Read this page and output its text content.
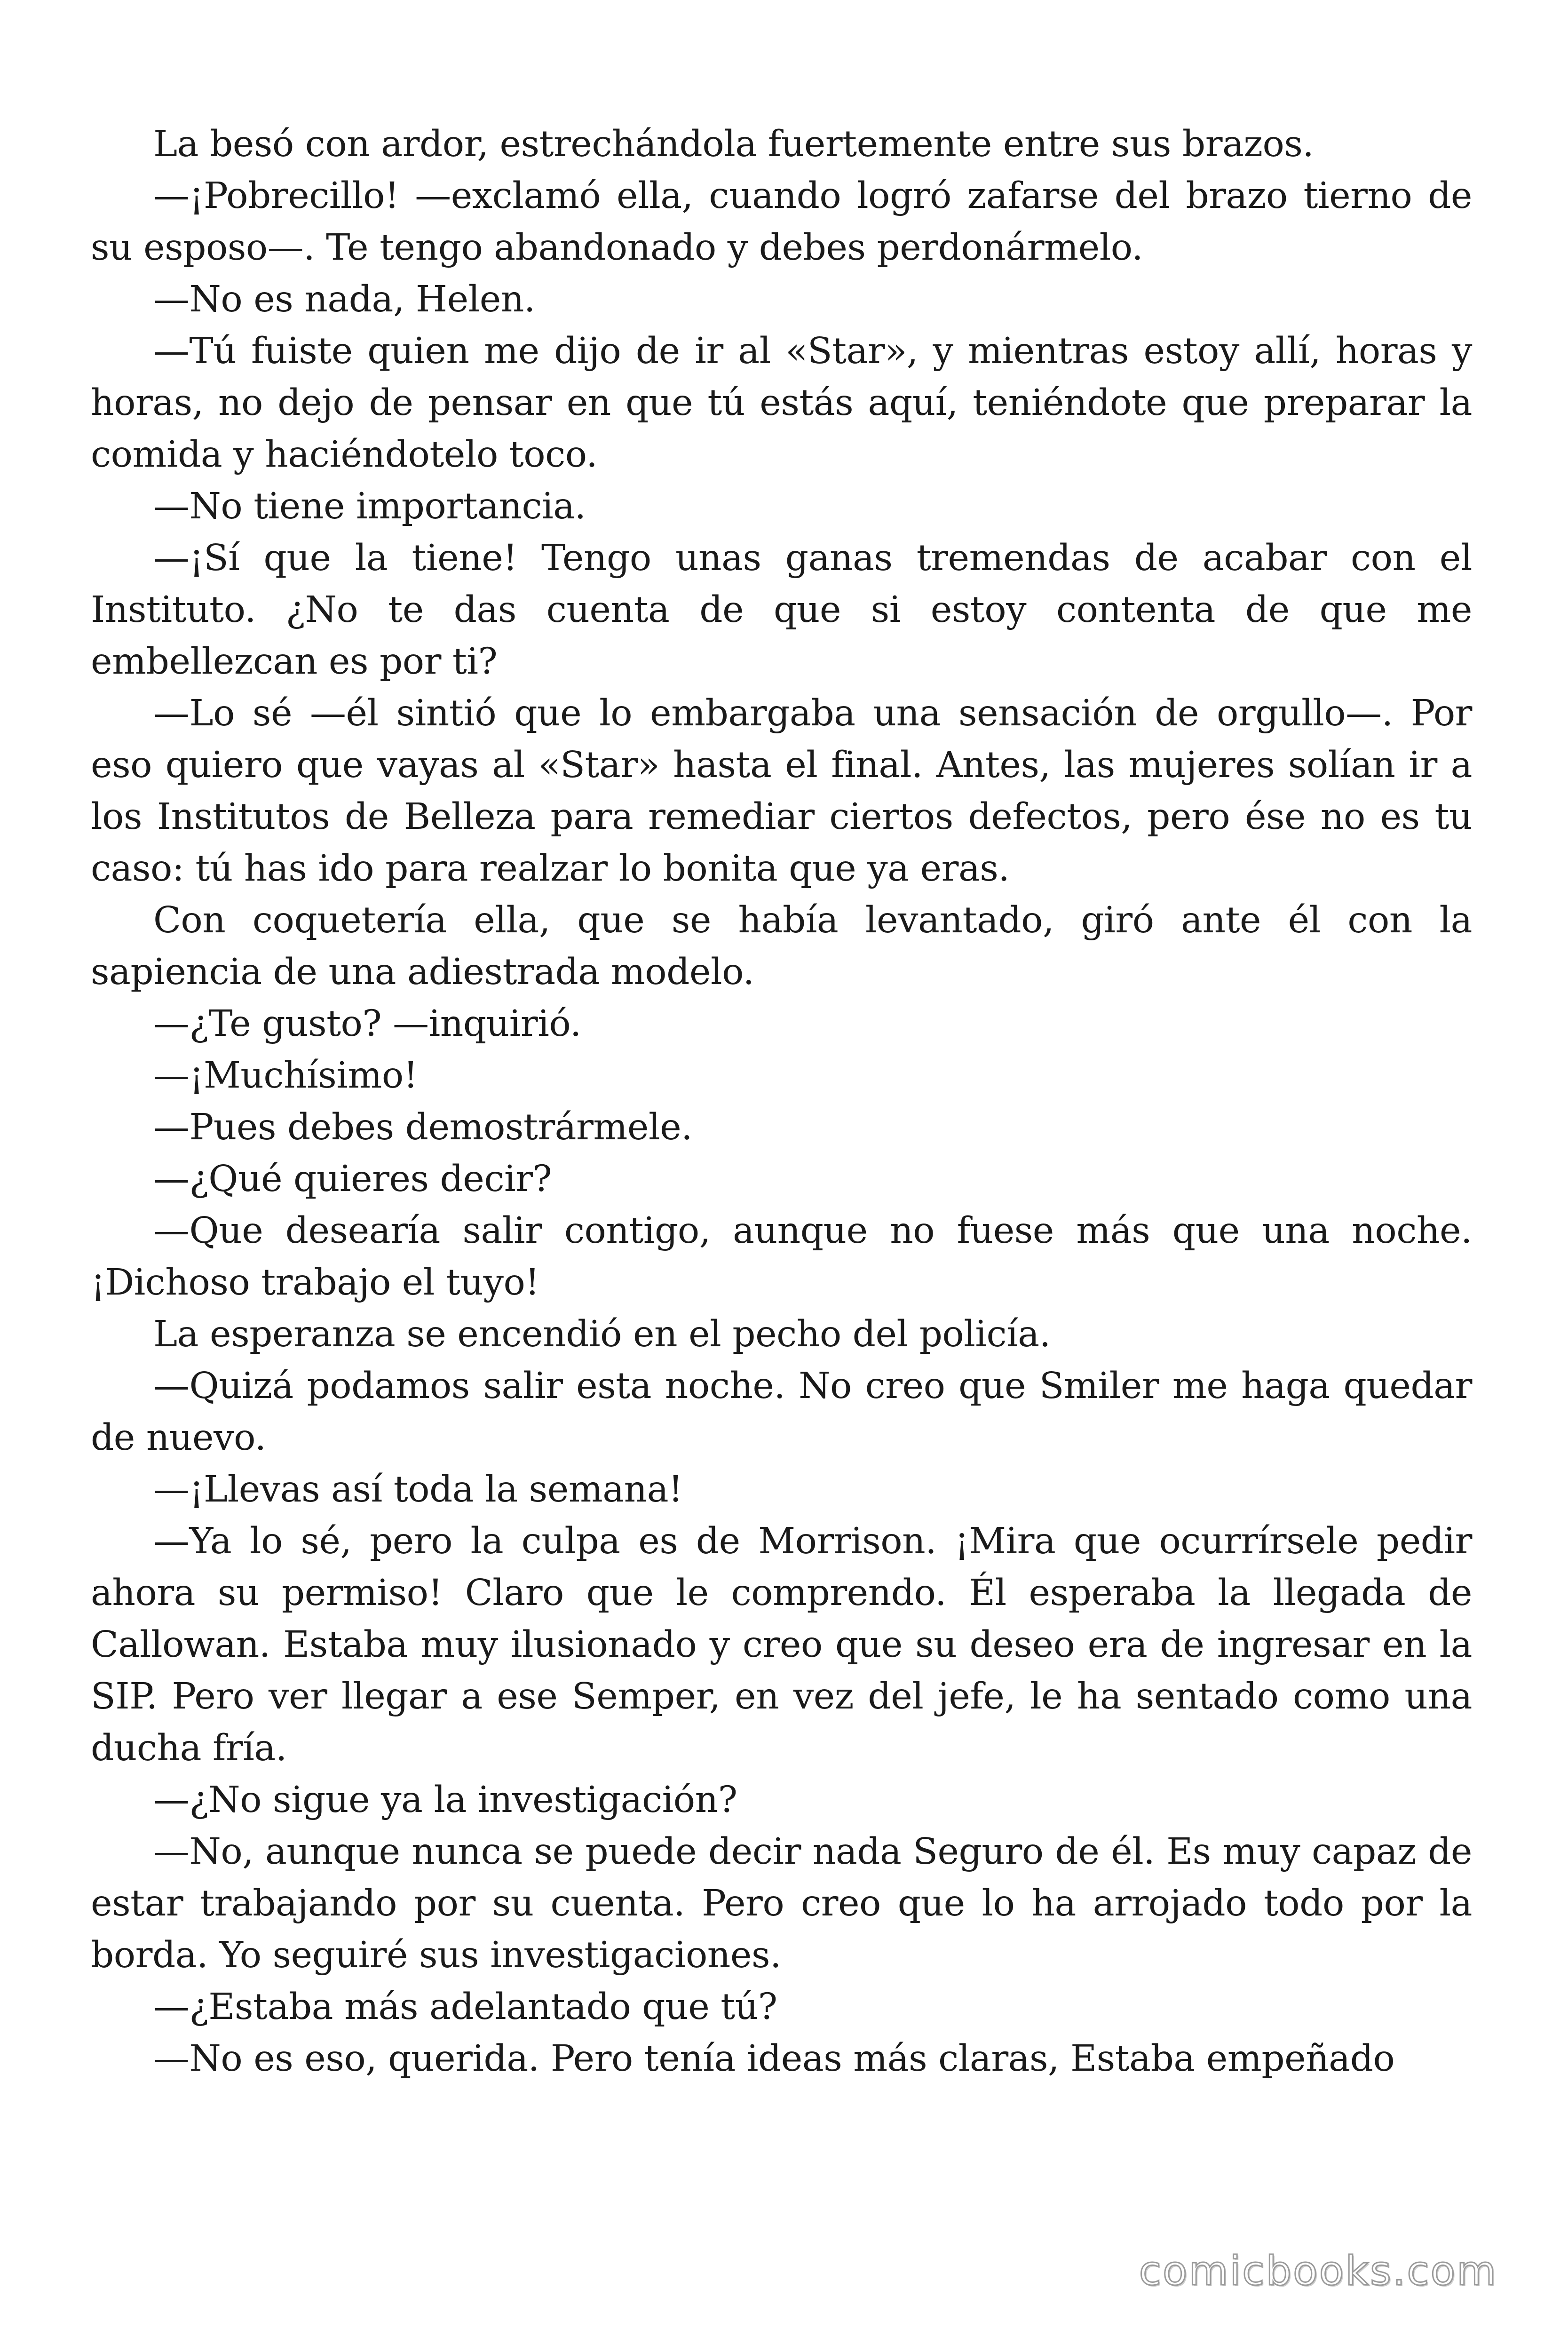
La besó con ardor, estrechándola fuertemente entre sus brazos.

—¡Pobrecillo! —exclamó ella, cuando logró zafarse del brazo tierno de su esposo—. Te tengo abandonado y debes perdonármelo.

—No es nada, Helen.

—Tú fuiste quien me dijo de ir al «Star», y mientras estoy allí, horas y horas, no dejo de pensar en que tú estás aquí, teniéndote que preparar la comida y haciéndotelo toco.

—No tiene importancia.

—¡Sí que la tiene! Tengo unas ganas tremendas de acabar con el Instituto. ¿No te das cuenta de que si estoy contenta de que me embellezcan es por ti?

—Lo sé —él sintió que lo embargaba una sensación de orgullo—. Por eso quiero que vayas al «Star» hasta el final. Antes, las mujeres solían ir a los Institutos de Belleza para remediar ciertos defectos, pero ése no es tu caso: tú has ido para realzar lo bonita que ya eras.

Con coquetería ella, que se había levantado, giró ante él con la sapiencia de una adiestrada modelo.

—¿Te gusto? —inquirió.

—¡Muchísimo!

—Pues debes demostrármele.

—¿Qué quieres decir?

—Que desearía salir contigo, aunque no fuese más que una noche. ¡Dichoso trabajo el tuyo!

La esperanza se encendió en el pecho del policía.

—Quizá podamos salir esta noche. No creo que Smiler me haga quedar de nuevo.

—¡Llevas así toda la semana!

—Ya lo sé, pero la culpa es de Morrison. ¡Mira que ocurrírsele pedir ahora su permiso! Claro que le comprendo. Él esperaba la llegada de Callowan. Estaba muy ilusionado y creo que su deseo era de ingresar en la SIP. Pero ver llegar a ese Semper, en vez del jefe, le ha sentado como una ducha fría.

—¿No sigue ya la investigación?

—No, aunque nunca se puede decir nada Seguro de él. Es muy capaz de estar trabajando por su cuenta. Pero creo que lo ha arrojado todo por la borda. Yo seguiré sus investigaciones.

—¿Estaba más adelantado que tú?

—No es eso, querida. Pero tenía ideas más claras, Estaba empeñado

comicbooks.com
